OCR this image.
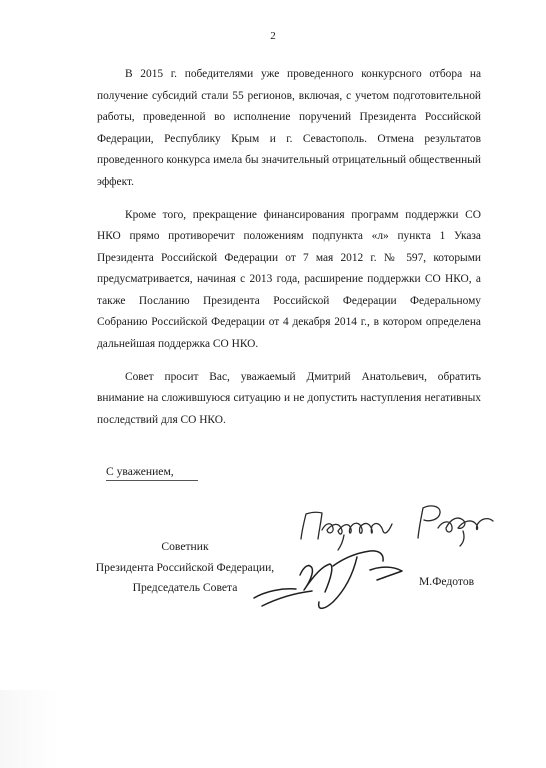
2

В 2015 г. победителями уже проведенного конкурсного отбора на получение субсидий стали 55 регионов, включая, с учетом подготовительной работы, проведенной во исполнение поручений Президента Российской Федерации, Республику Крым и г. Севастополь. Отмена результатов проведенного конкурса имела бы значительный отрицательный общественный эффект.

Кроме того, прекращение финансирования программ поддержки СО НКО прямо противоречит положениям подпункта «л» пункта 1 Указа Президента Российской Федерации от 7 мая 2012 г. № 597, которыми предусматривается, начиная с 2013 года, расширение поддержки СО НКО, а также Посланию Президента Российской Федерации Федеральному Собранию Российской Федерации от 4 декабря 2014 г., в котором определена дальнейшая поддержка СО НКО.

Совет просит Вас, уважаемый Дмитрий Анатольевич, обратить внимание на сложившуюся ситуацию и не допустить наступления негативных последствий для СО НКО.

С уважением,
Советник
Президента Российской Федерации,
Председатель Совета	М.Федотов
